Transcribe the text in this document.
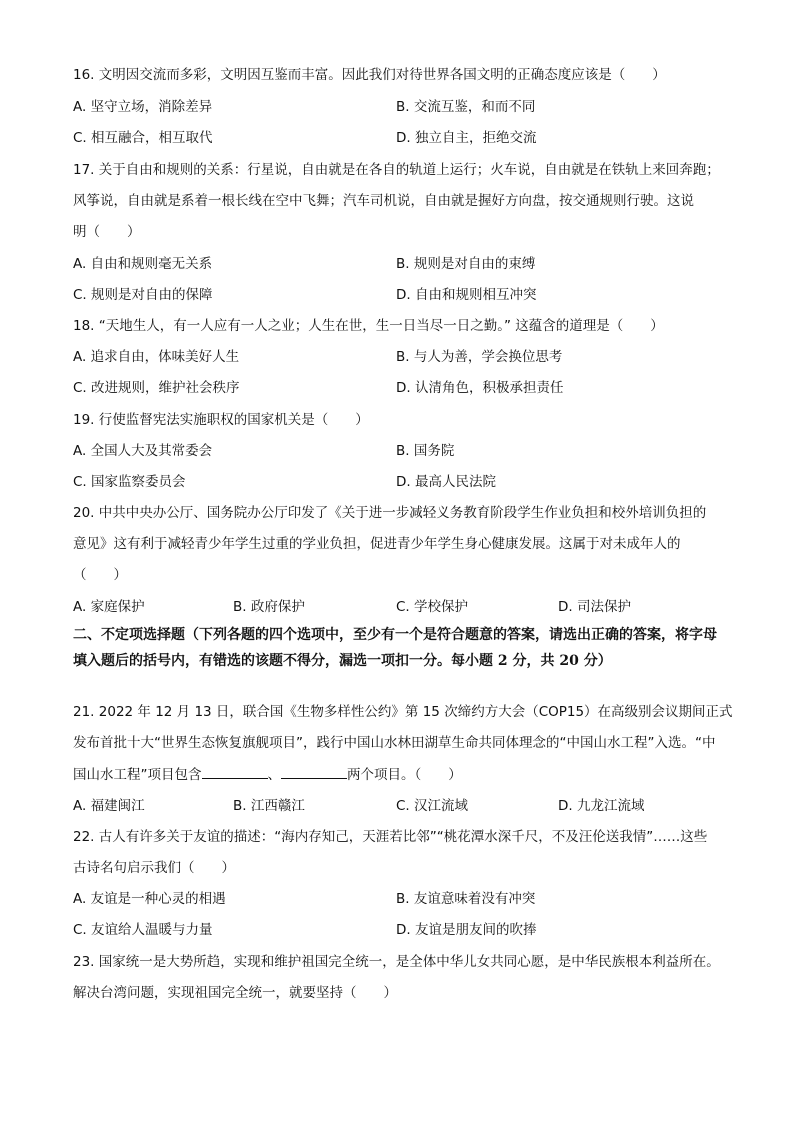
16. 文明因交流而多彩，文明因互鉴而丰富。因此我们对待世界各国文明的正确态度应该是（　　）
A. 坚守立场，消除差异	B. 交流互鉴，和而不同
C. 相互融合，相互取代	D. 独立自主，拒绝交流
17. 关于自由和规则的关系：行星说，自由就是在各自的轨道上运行；火车说，自由就是在铁轨上来回奔跑；
风筝说，自由就是系着一根长线在空中飞舞；汽车司机说，自由就是握好方向盘，按交通规则行驶。这说
明（　　）
A. 自由和规则毫无关系	B. 规则是对自由的束缚
C. 规则是对自由的保障	D. 自由和规则相互冲突
18. “天地生人，有一人应有一人之业；人生在世，生一日当尽一日之勤。” 这蕴含的道理是（　　）
A. 追求自由，体味美好人生	B. 与人为善，学会换位思考
C. 改进规则，维护社会秩序	D. 认清角色，积极承担责任
19. 行使监督宪法实施职权的国家机关是（　　）
A. 全国人大及其常委会	B. 国务院
C. 国家监察委员会	D. 最高人民法院
20. 中共中央办公厅、国务院办公厅印发了《关于进一步减轻义务教育阶段学生作业负担和校外培训负担的
意见》这有利于减轻青少年学生过重的学业负担，促进青少年学生身心健康发展。这属于对未成年人的
（　　）
A. 家庭保护	B. 政府保护	C. 学校保护	D. 司法保护
二、不定项选择题（下列各题的四个选项中，至少有一个是符合题意的答案，请选出正确的答案，将字母填入题后的括号内，有错选的该题不得分，漏选一项扣一分。每小题 2 分，共 20 分）
21. 2022 年 12 月 13 日，联合国《生物多样性公约》第 15 次缔约方大会（COP15）在高级别会议期间正式
发布首批十大“世界生态恢复旗舰项目”，践行中国山水林田湖草生命共同体理念的“中国山水工程”入选。“中
国山水工程”项目包含	、	两个项目。（　　）
A. 福建闽江	B. 江西赣江	C. 汉江流域	D. 九龙江流域
22. 古人有许多关于友谊的描述：“海内存知己，天涯若比邻”“桃花潭水深千尺，不及汪伦送我情”……这些
古诗名句启示我们（　　）
A. 友谊是一种心灵的相遇	B. 友谊意味着没有冲突
C. 友谊给人温暖与力量	D. 友谊是朋友间的吹捧
23. 国家统一是大势所趋，实现和维护祖国完全统一，是全体中华儿女共同心愿，是中华民族根本利益所在。
解决台湾问题，实现祖国完全统一，就要坚持（　　）
